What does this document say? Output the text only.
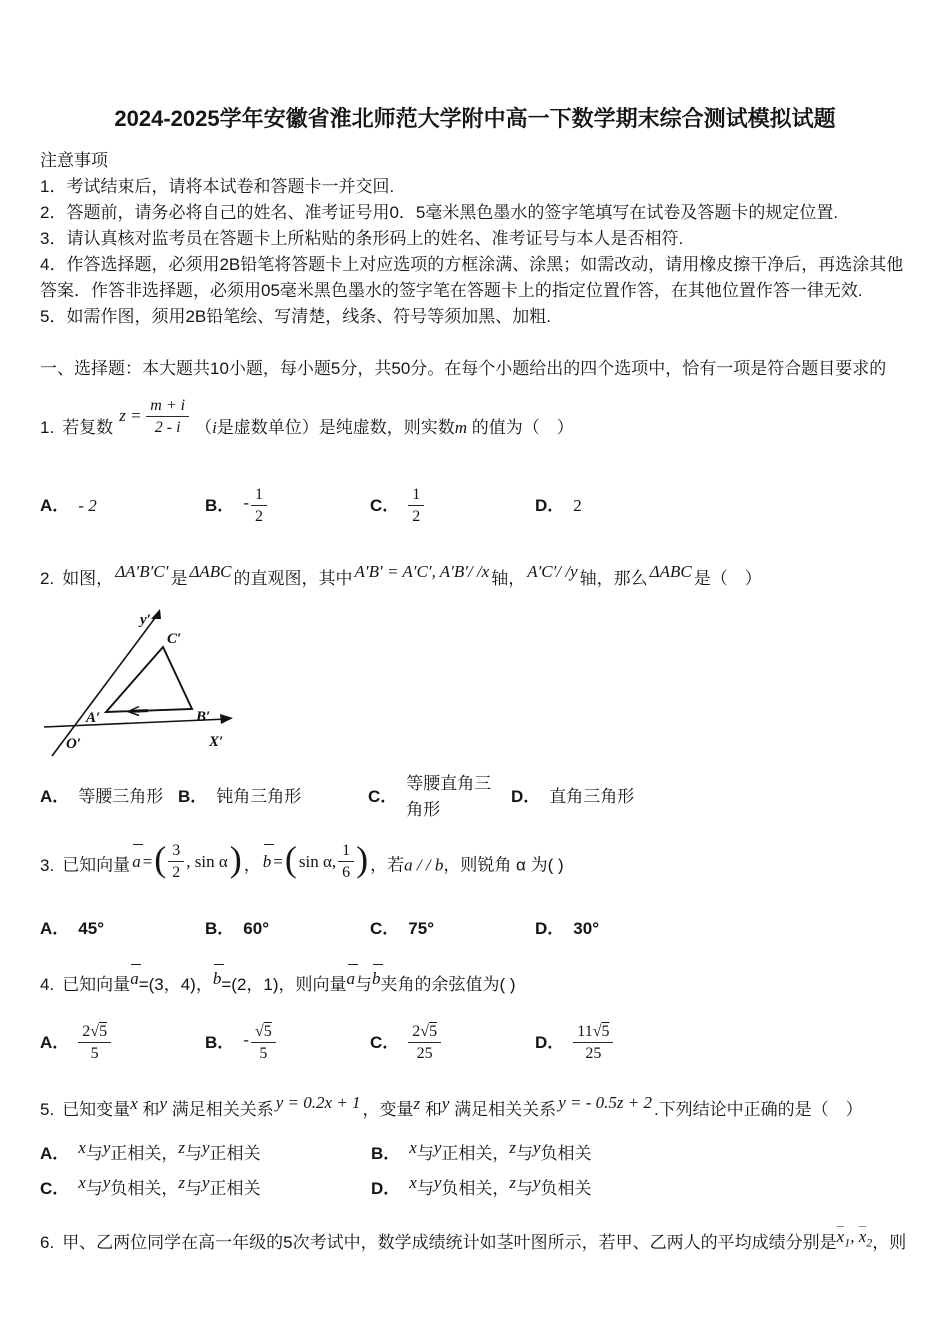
2024-2025学年安徽省淮北师范大学附中高一下数学期末综合测试模拟试题
注意事项
1．考试结束后，请将本试卷和答题卡一并交回.
2．答题前，请务必将自己的姓名、准考证号用0．5毫米黑色墨水的签字笔填写在试卷及答题卡的规定位置.
3．请认真核对监考员在答题卡上所粘贴的条形码上的姓名、准考证号与本人是否相符.
4．作答选择题，必须用2B铅笔将答题卡上对应选项的方框涂满、涂黑；如需改动，请用橡皮擦干净后，再选涂其他答案．作答非选择题，必须用05毫米黑色墨水的签字笔在答题卡上的指定位置作答，在其他位置作答一律无效.
5．如需作图，须用2B铅笔绘、写清楚，线条、符号等须加黑、加粗.
一、选择题：本大题共10小题，每小题5分，共50分。在每个小题给出的四个选项中，恰有一项是符合题目要求的
1. 若复数$z = \frac{m + i}{2 - i} (i$是虚数单位）是纯虚数，则实数m 的值为（　）
A． - 2	B． - $\frac{1}{2}$	C． $\frac{1}{2}$	D． 2
2. 如图， ΔA′B′C′ 是 ΔABC 的直观图，其中 A′B′ = A′C′, A′B′/ /x 轴， A′C′/ /y 轴，那么 ΔABC 是（　）
y′
C′
A′	B′
O′	X′
A． 等腰三角形 B． 钝角三角形	C．
等腰直角三角形
D． 直角三角形
3. 已知向量 a = ( $\frac{3}{2}$ , sin α ) ， b = ( sin α, $\frac{1}{6}$ ) ，若a / / b，则锐角 α 为( )
A． 45°	B． 60°	C． 75°	D． 30°
4. 已知向量a=(3，4)，b=(2，1)，则向量a与b夹角的余弦值为( )
A． $\frac{2√5}{5}$	B． - $\frac{√5}{5}$	C． $\frac{2√5}{25}$	D． $\frac{11√5}{25}$
5. 已知变量x 和y 满足相关关系 y = 0.2x + 1 ，变量z 和y 满足相关关系 y = - 0.5z + 2 .下列结论中正确的是（　）
A． x与y正相关，z与y正相关	B． x与y正相关，z与y负相关
C． x与y负相关，z与y正相关	D． x与y负相关，z与y负相关
6. 甲、乙两位同学在高一年级的5次考试中，数学成绩统计如茎叶图所示，若甲、乙两人的平均成绩分别是$\overline{x}_1$, $\overline{x}_2$，则
